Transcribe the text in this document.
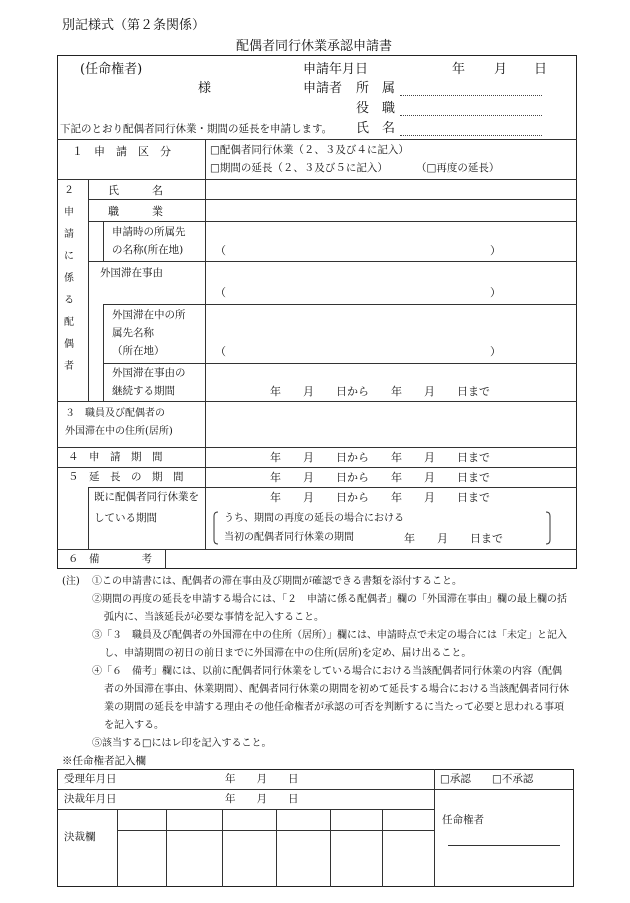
別記様式（第２条関係）
配偶者同行休業承認申請書
(任命権者)
様
申請年月日	年 月 日
申請者 所　属
役　職
下記のとおり配偶者同行休業・期間の延長を申請します。 氏　名
１　申　請　区　分	□配偶者同行休業（２、３及び４に記入）
□期間の延長（２、３及び５に記入）	（□再度の延長）
２
申
請
に
係
る
配
偶
者
氏　　　名
職　　　業
申請時の所属先
の名称(所在地)	（	）
外国滞在事由
（	）
外国滞在中の所
属先名称
（所在地）	（	）
外国滞在事由の
継続する期間	年　　月　　日から　　年　　月　　日まで
３　職員及び配偶者の
外国滞在中の住所(居所)
４　申　請　期　間	年　　月　　日から　　年　　月　　日まで
５　延　長　の　期　間	年　　月　　日から　　年　　月　　日まで
既に配偶者同行休業を
している期間
年　　月　　日から　　年　　月　　日まで
うち、期間の再度の延長の場合における
当初の配偶者同行休業の期間	年　　月　　日まで
６　備　　　　考
(注) ①この申請書には、配偶者の滞在事由及び期間が確認できる書類を添付すること。
②期間の再度の延長を申請する場合には、「２　申請に係る配偶者」欄の「外国滞在事由」欄の最上欄の括
弧内に、当該延長が必要な事情を記入すること。
③「３　職員及び配偶者の外国滞在中の住所（居所）」欄には、申請時点で未定の場合には「未定」と記入
し、申請期間の初日の前日までに外国滞在中の住所(居所)を定め、届け出ること。
④「６　備考」欄には、以前に配偶者同行休業をしている場合における当該配偶者同行休業の内容（配偶
者の外国滞在事由、休業期間）、配偶者同行休業の期間を初めて延長する場合における当該配偶者同行休
業の期間の延長を申請する理由その他任命権者が承認の可否を判断するに当たって必要と思われる事項
を記入する。
⑤該当する□にはレ印を記入すること。
※任命権者記入欄
受理年月日	年　　月　　日	□承認 □不承認
決裁年月日	年　　月　　日
決裁欄
任命権者
